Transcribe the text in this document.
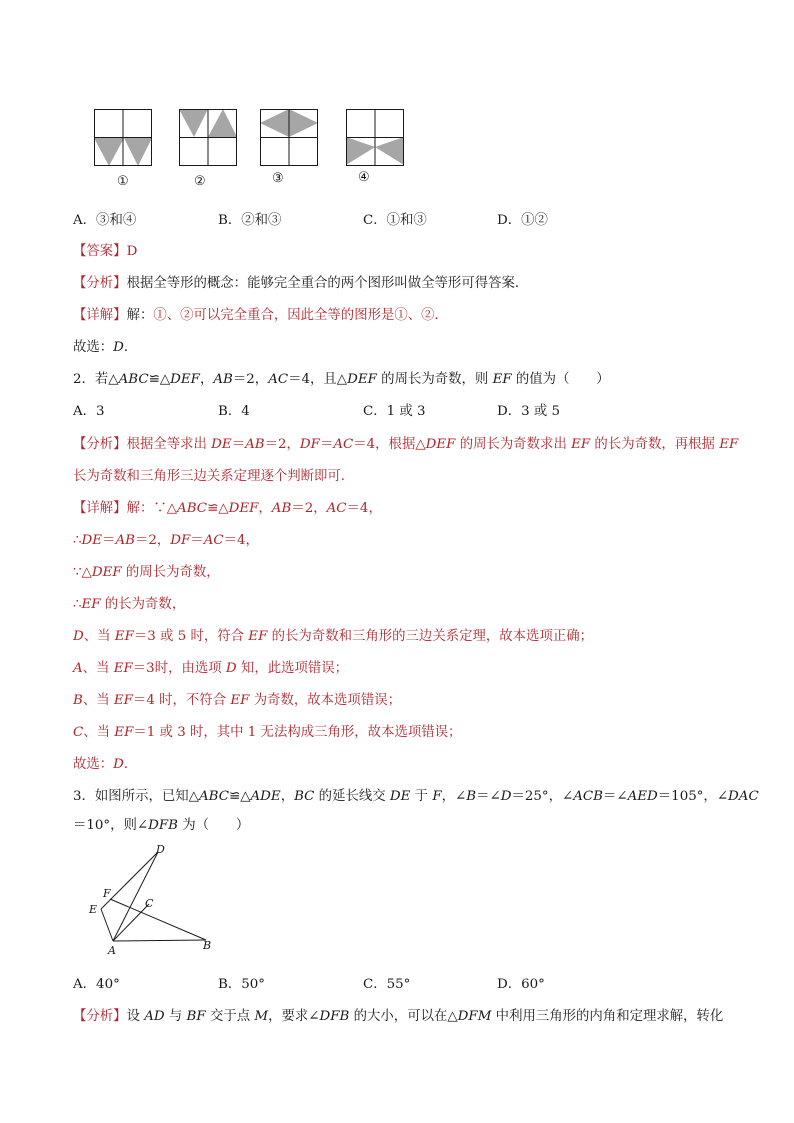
①	②	③	④
A．③和④	B．②和③	C．①和③	D．①②
【答案】D
【分析】根据全等形的概念：能够完全重合的两个图形叫做全等形可得答案．
【详解】解：①、②可以完全重合，因此全等的图形是①、②．
故选：D．
2．若△ABC≌△DEF，AB＝2，AC＝4，且△DEF 的周长为奇数，则 EF 的值为（　　）
A．3	B．4	C．1 或 3	D．3 或 5
【分析】根据全等求出 DE＝AB＝2，DF＝AC＝4，根据△DEF 的周长为奇数求出 EF 的长为奇数，再根据 EF
长为奇数和三角形三边关系定理逐个判断即可．
【详解】解：∵△ABC≌△DEF，AB＝2，AC＝4，
∴DE＝AB＝2，DF＝AC＝4，
∵△DEF 的周长为奇数，
∴EF 的长为奇数，
D、当 EF＝3 或 5 时，符合 EF 的长为奇数和三角形的三边关系定理，故本选项正确；
A、当 EF＝3时，由选项 D 知，此选项错误；
B、当 EF＝4 时，不符合 EF 为奇数，故本选项错误；
C、当 EF＝1 或 3 时，其中 1 无法构成三角形，故本选项错误；
故选：D．
3．如图所示，已知△ABC≌△ADE，BC 的延长线交 DE 于 F，∠B＝∠D＝25°，∠ACB＝∠AED＝105°，∠DAC
＝10°，则∠DFB 为（　　）
D
F
E	C
A	B
A．40°	B．50°	C．55°	D．60°
【分析】设 AD 与 BF 交于点 M，要求∠DFB 的大小，可以在△DFM 中利用三角形的内角和定理求解，转化
